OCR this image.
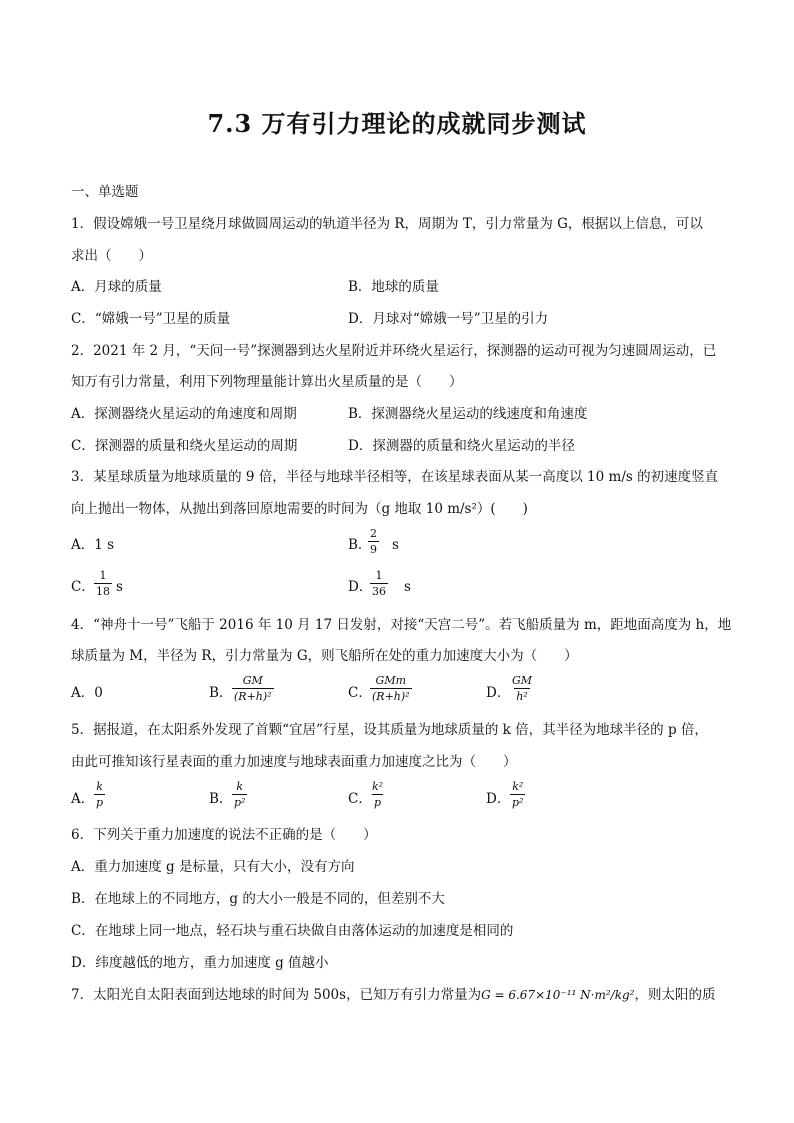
7.3 万有引力理论的成就同步测试
一、单选题
1．假设嫦娥一号卫星绕月球做圆周运动的轨道半径为 R，周期为 T，引力常量为 G，根据以上信息，可以
求出（　　）
A．月球的质量	B．地球的质量
C．“嫦娥一号”卫星的质量	D．月球对“嫦娥一号”卫星的引力
2．2021 年 2 月，“天问一号”探测器到达火星附近并环绕火星运行，探测器的运动可视为匀速圆周运动，已
知万有引力常量，利用下列物理量能计算出火星质量的是（　　）
A．探测器绕火星运动的角速度和周期	B．探测器绕火星运动的线速度和角速度
C．探测器的质量和绕火星运动的周期	D．探测器的质量和绕火星运动的半径
3．某星球质量为地球质量的 9 倍，半径与地球半径相等，在该星球表面从某一高度以 10 m/s 的初速度竖直
向上抛出一物体，从抛出到落回原地需要的时间为（g 地取 10 m/s²）(　　)
A．1 s	B．
$\frac{2}{9}$ s
C． $\frac{1}{18}$ s	D．
$\frac{1}{36}$ s
4．“神舟十一号”飞船于 2016 年 10 月 17 日发射，对接“天宫二号”。若飞船质量为 m，距地面高度为 h，地
球质量为 M，半径为 R，引力常量为 G，则飞船所在处的重力加速度大小为（　　）
A．0	B． $\frac{GM}{\text{(R+h)²}}$	C．
GMm
(R+h)²	D． $\frac{GM}{\text{h²}}$
5．据报道，在太阳系外发现了首颗“宜居”行星，设其质量为地球质量的 k 倍，其半径为地球半径的 p 倍，
由此可推知该行星表面的重力加速度与地球表面重力加速度之比为（　　）
A． $\frac{k}{p}$	B． $\frac{k}{\text{p²}}$	C．
$\frac{\text{k²}}{p}$	D． $\frac{\text{k²}}{\text{p²}}$
6．下列关于重力加速度的说法不正确的是（　　）
A．重力加速度 g 是标量，只有大小，没有方向
B．在地球上的不同地方，g 的大小一般是不同的，但差别不大
C．在地球上同一地点，轻石块与重石块做自由落体运动的加速度是相同的
D．纬度越低的地方，重力加速度 g 值越小
7．太阳光自太阳表面到达地球的时间为 500s，已知万有引力常量为G = 6.67×10⁻¹¹ N·m²/kg²，则太阳的质
